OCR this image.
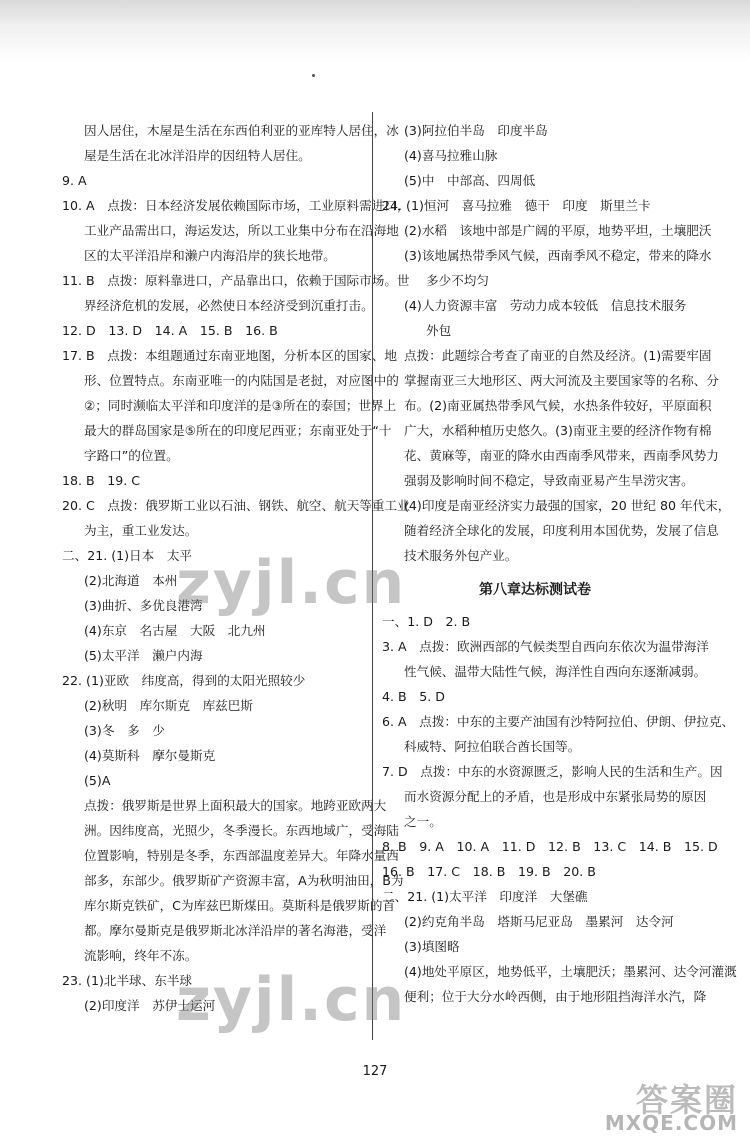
因人居住，木屋是生活在东西伯利亚的亚库特人居住，冰
屋是生活在北冰洋沿岸的因纽特人居住。
9. A
10. A　点拨：日本经济发展依赖国际市场，工业原料需进口，
工业产品需出口，海运发达，所以工业集中分布在沿海地
区的太平洋沿岸和濑户内海沿岸的狭长地带。
11. B　点拨：原料靠进口，产品靠出口，依赖于国际市场。世
界经济危机的发展，必然使日本经济受到沉重打击。
12. D　13. D　14. A　15. B　16. B
17. B　点拨：本组题通过东南亚地图，分析本区的国家、地
形、位置特点。东南亚唯一的内陆国是老挝，对应图中的
②；同时濒临太平洋和印度洋的是③所在的泰国；世界上
最大的群岛国家是⑤所在的印度尼西亚；东南亚处于“十
字路口”的位置。
18. B　19. C
20. C　点拨：俄罗斯工业以石油、钢铁、航空、航天等重工业
为主，重工业发达。
二、21. (1)日本　太平
(2)北海道　本州
(3)曲折、多优良港湾
(4)东京　名古屋　大阪　北九州
(5)太平洋　濑户内海
22. (1)亚欧　纬度高，得到的太阳光照较少
(2)秋明　库尔斯克　库兹巴斯
(3)冬　多　少
(4)莫斯科　摩尔曼斯克
(5)A
点拨：俄罗斯是世界上面积最大的国家。地跨亚欧两大
洲。因纬度高，光照少，冬季漫长。东西地域广，受海陆
位置影响，特别是冬季，东西部温度差异大。年降水量西
部多，东部少。俄罗斯矿产资源丰富，A为秋明油田，B为
库尔斯克铁矿，C为库兹巴斯煤田。莫斯科是俄罗斯的首
都。摩尔曼斯克是俄罗斯北冰洋沿岸的著名海港，受洋
流影响，终年不冻。
23. (1)北半球、东半球
(2)印度洋　苏伊士运河
(3)阿拉伯半岛　印度半岛
(4)喜马拉雅山脉
(5)中　中部高、四周低
24. (1)恒河　喜马拉雅　德干　印度　斯里兰卡
(2)水稻　该地中部是广阔的平原，地势平坦，土壤肥沃
(3)该地属热带季风气候，西南季风不稳定，带来的降水
多少不均匀
(4)人力资源丰富　劳动力成本较低　信息技术服务
外包
点拨：此题综合考查了南亚的自然及经济。(1)需要牢固
掌握南亚三大地形区、两大河流及主要国家等的名称、分
布。(2)南亚属热带季风气候，水热条件较好，平原面积
广大，水稻种植历史悠久。(3)南亚主要的经济作物有棉
花、黄麻等，南亚的降水由西南季风带来，西南季风势力
强弱及影响时间不稳定，导致南亚易产生旱涝灾害。
(4)印度是南亚经济实力最强的国家，20 世纪 80 年代末，
随着经济全球化的发展，印度利用本国优势，发展了信息
技术服务外包产业。
第八章达标测试卷
一、1. D　2. B
3. A　点拨：欧洲西部的气候类型自西向东依次为温带海洋
性气候、温带大陆性气候，海洋性自西向东逐渐减弱。
4. B　5. D
6. A　点拨：中东的主要产油国有沙特阿拉伯、伊朗、伊拉克、
科威特、阿拉伯联合酋长国等。
7. D　点拨：中东的水资源匮乏，影响人民的生活和生产。因
而水资源分配上的矛盾，也是形成中东紧张局势的原因
之一。
8. B　9. A　10. A　11. D　12. B　13. C　14. B　15. D
16. B　17. C　18. B　19. B　20. B
二、21. (1)太平洋　印度洋　大堡礁
(2)约克角半岛　塔斯马尼亚岛　墨累河　达令河
(3)填图略
(4)地处平原区，地势低平，土壤肥沃；墨累河、达令河灌溉
便利；位于大分水岭西侧，由于地形阻挡海洋水汽，降
127
zyjl.cn
zyjl.cn
答案圈
MXQE.COM
